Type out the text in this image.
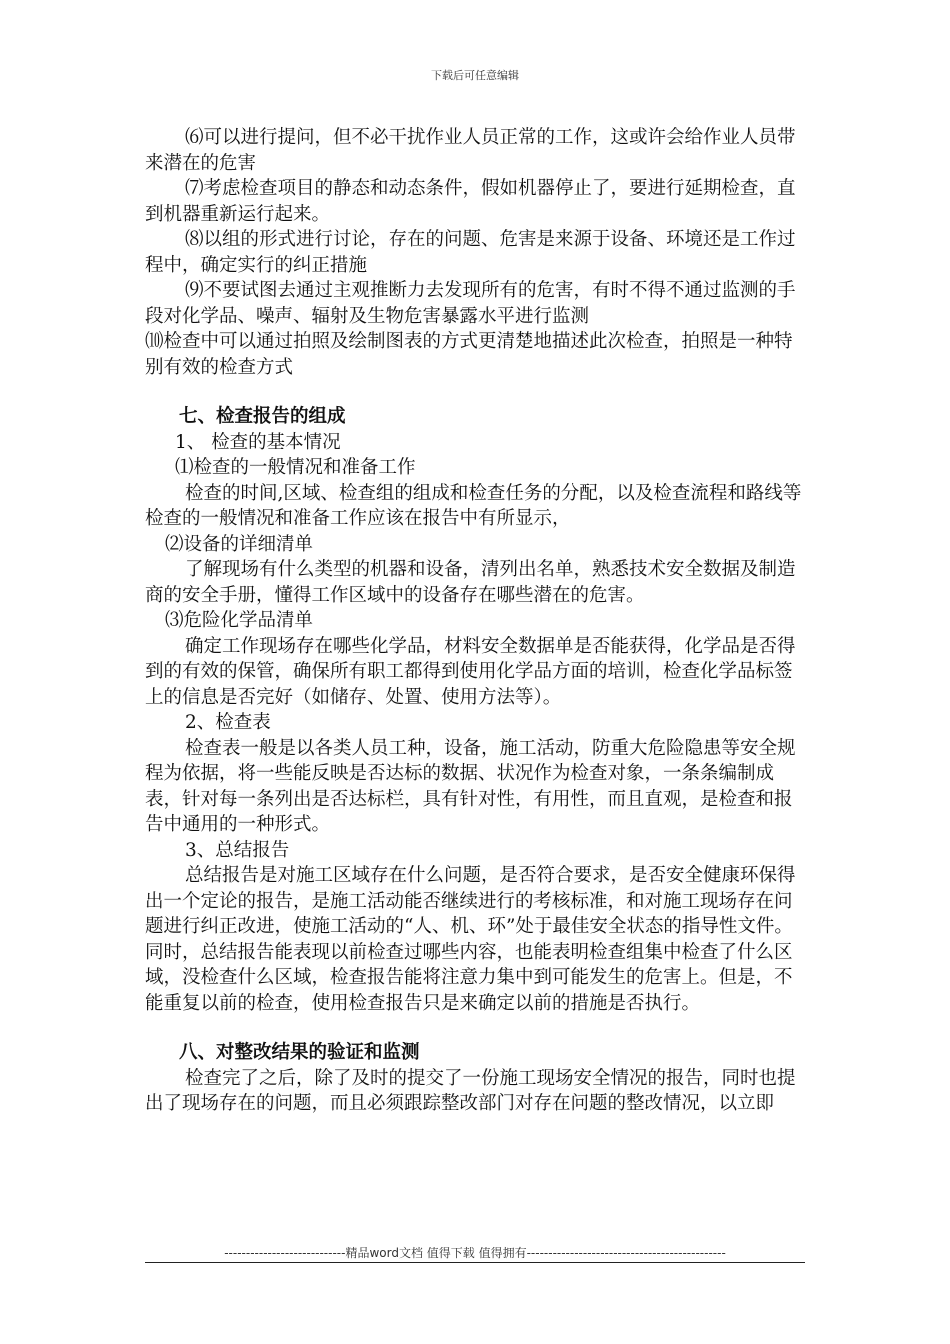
下载后可任意编辑

⑹可以进行提问，但不必干扰作业人员正常的工作，这或许会给作业人员带来潜在的危害

⑺考虑检查项目的静态和动态条件，假如机器停止了，要进行延期检查，直到机器重新运行起来。

⑻以组的形式进行讨论，存在的问题、危害是来源于设备、环境还是工作过程中，确定实行的纠正措施

⑼不要试图去通过主观推断力去发现所有的危害，有时不得不通过监测的手段对化学品、噪声、辐射及生物危害暴露水平进行监测

⑽检查中可以通过拍照及绘制图表的方式更清楚地描述此次检查，拍照是一种特别有效的检查方式

七、检查报告的组成

1、 检查的基本情况

⑴检查的一般情况和准备工作

检查的时间,区域、检查组的组成和检查任务的分配，以及检查流程和路线等检查的一般情况和准备工作应该在报告中有所显示，

⑵设备的详细清单

了解现场有什么类型的机器和设备，清列出名单，熟悉技术安全数据及制造商的安全手册，懂得工作区域中的设备存在哪些潜在的危害。

⑶危险化学品清单

确定工作现场存在哪些化学品，材料安全数据单是否能获得，化学品是否得到的有效的保管，确保所有职工都得到使用化学品方面的培训，检查化学品标签上的信息是否完好（如储存、处置、使用方法等）。

2、检查表

检查表一般是以各类人员工种，设备，施工活动，防重大危险隐患等安全规程为依据，将一些能反映是否达标的数据、状况作为检查对象，一条条编制成表，针对每一条列出是否达标栏，具有针对性，有用性，而且直观，是检查和报告中通用的一种形式。

3、总结报告

总结报告是对施工区域存在什么问题，是否符合要求，是否安全健康环保得出一个定论的报告，是施工活动能否继续进行的考核标准，和对施工现场存在问题进行纠正改进，使施工活动的“人、机、环”处于最佳安全状态的指导性文件。同时，总结报告能表现以前检查过哪些内容，也能表明检查组集中检查了什么区域，没检查什么区域，检查报告能将注意力集中到可能发生的危害上。但是，不能重复以前的检查，使用检查报告只是来确定以前的措施是否执行。

八、对整改结果的验证和监测

检查完了之后，除了及时的提交了一份施工现场安全情况的报告，同时也提出了现场存在的问题，而且必须跟踪整改部门对存在问题的整改情况，以立即

----------------------------精品word文档 值得下载 值得拥有----------------------------------------------
